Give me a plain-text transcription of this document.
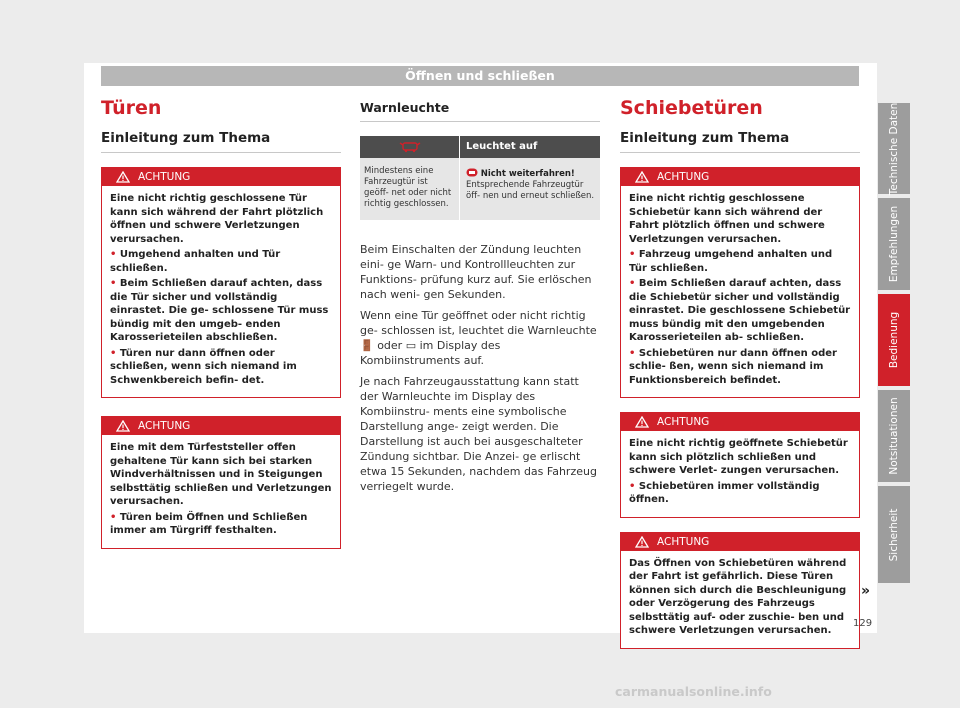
Öffnen und schließen
Türen
Einleitung zum Thema
ACHTUNG

Eine nicht richtig geschlossene Tür kann sich während der Fahrt plötzlich öffnen und schwere Verletzungen verursachen.

• Umgehend anhalten und Tür schließen.

• Beim Schließen darauf achten, dass die Tür sicher und vollständig einrastet. Die ge- schlossene Tür muss bündig mit den umgeb- enden Karosserieteilen abschließen.

• Türen nur dann öffnen oder schließen, wenn sich niemand im Schwenkbereich befin- det.

ACHTUNG

Eine mit dem Türfeststeller offen gehaltene Tür kann sich bei starken Windverhältnissen und in Steigungen selbsttätig schließen und Verletzungen verursachen.

• Türen beim Öffnen und Schließen immer am Türgriff festhalten.

Warnleuchte
Leuchtet auf
Mindestens eine Fahrzeugtür ist geöff- net oder nicht richtig geschlossen.
Nicht weiterfahren!
Entsprechende Fahrzeugtür öff- nen und erneut schließen.

Beim Einschalten der Zündung leuchten eini- ge Warn- und Kontrollleuchten zur Funktions- prüfung kurz auf. Sie erlöschen nach weni- gen Sekunden.

Wenn eine Tür geöffnet oder nicht richtig ge- schlossen ist, leuchtet die Warnleuchte 🚪 oder ▭ im Display des Kombiinstruments auf.

Je nach Fahrzeugausstattung kann statt der Warnleuchte im Display des Kombiinstru- ments eine symbolische Darstellung ange- zeigt werden. Die Darstellung ist auch bei ausgeschalteter Zündung sichtbar. Die Anzei- ge erlischt etwa 15 Sekunden, nachdem das Fahrzeug verriegelt wurde.

Schiebetüren
Einleitung zum Thema
ACHTUNG

Eine nicht richtig geschlossene Schiebetür kann sich während der Fahrt plötzlich öffnen und schwere Verletzungen verursachen.

• Fahrzeug umgehend anhalten und Tür schließen.

• Beim Schließen darauf achten, dass die Schiebetür sicher und vollständig einrastet. Die geschlossene Schiebetür muss bündig mit den umgebenden Karosserieteilen ab- schließen.

• Schiebetüren nur dann öffnen oder schlie- ßen, wenn sich niemand im Funktionsbereich befindet.

ACHTUNG

Eine nicht richtig geöffnete Schiebetür kann sich plötzlich schließen und schwere Verlet- zungen verursachen.

• Schiebetüren immer vollständig öffnen.

ACHTUNG

Das Öffnen von Schiebetüren während der Fahrt ist gefährlich. Diese Türen können sich durch die Beschleunigung oder Verzögerung des Fahrzeugs selbsttätig auf- oder zuschie- ben und schwere Verletzungen verursachen.

»
Technische Daten
Empfehlungen
Bedienung
Notsituationen
Sicherheit
129
carmanualsonline.info
